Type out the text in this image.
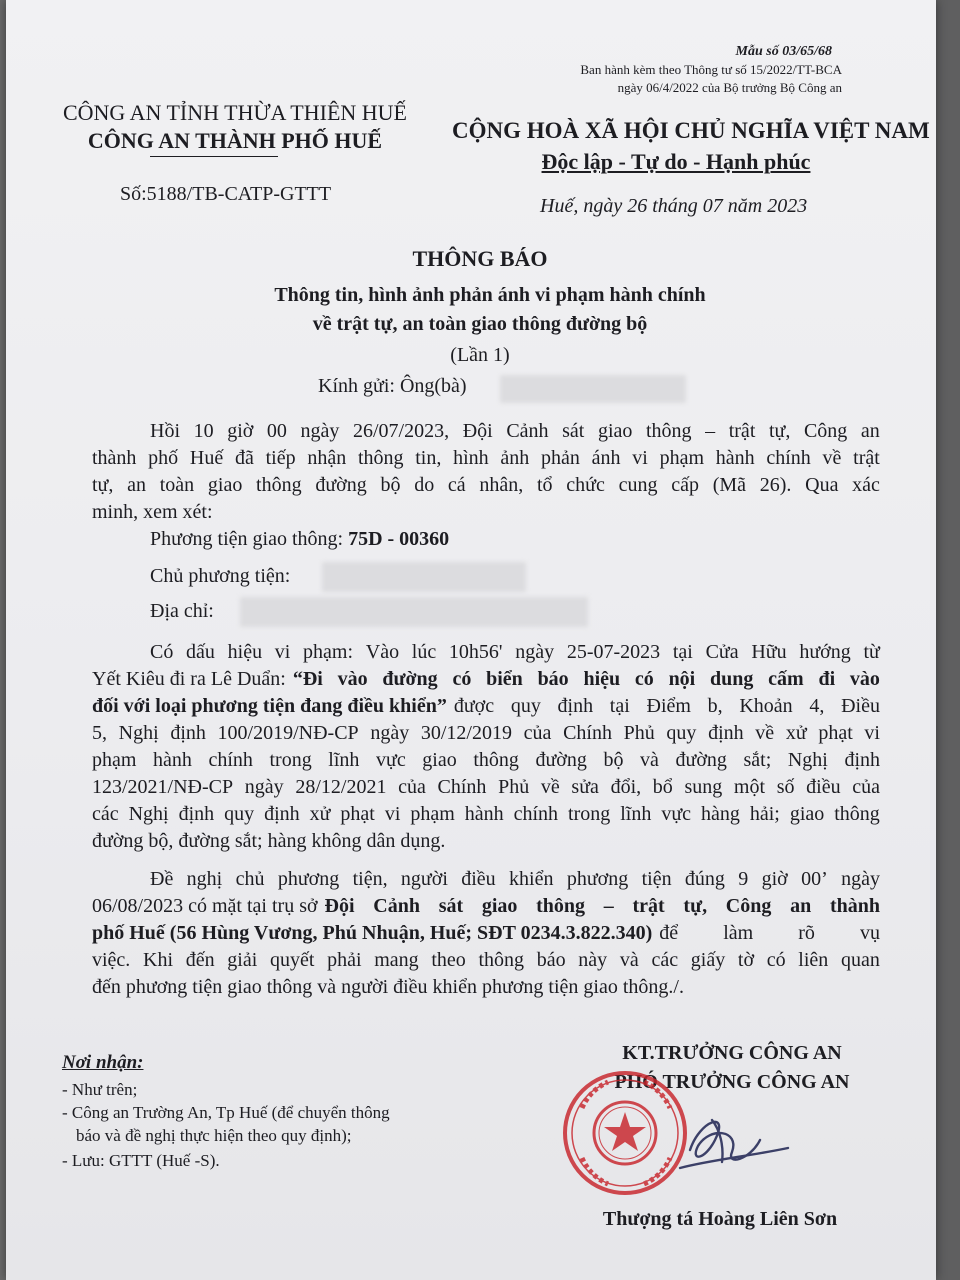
Mẫu số 03/65/68
Ban hành kèm theo Thông tư số 15/2022/TT-BCA
ngày 06/4/2022 của Bộ trưởng Bộ Công an
CÔNG AN TỈNH THỪA THIÊN HUẾ
CÔNG AN THÀNH PHỐ HUẾ
Số:5188/TB-CATP-GTTT
CỘNG HOÀ XÃ HỘI CHỦ NGHĨA VIỆT NAM
Độc lập - Tự do - Hạnh phúc
Huế, ngày 26 tháng 07 năm 2023
THÔNG BÁO
Thông tin, hình ảnh phản ánh vi phạm hành chính
về trật tự, an toàn giao thông đường bộ
(Lần 1)
Kính gửi: Ông(bà)
Hồi 10 giờ 00 ngày 26/07/2023, Đội Cảnh sát giao thông – trật tự, Công an
thành phố Huế đã tiếp nhận thông tin, hình ảnh phản ánh vi phạm hành chính về trật
tự, an toàn giao thông đường bộ do cá nhân, tổ chức cung cấp (Mã 26). Qua xác
minh, xem xét:
Phương tiện giao thông: 75D - 00360
Chủ phương tiện:
Địa chỉ:
Có dấu hiệu vi phạm: Vào lúc 10h56' ngày 25-07-2023 tại Cửa Hữu hướng từ
Yết Kiêu đi ra Lê Duẩn: “Đi vào đường có biển báo hiệu có nội dung cấm đi vào
đối với loại phương tiện đang điều khiển” được quy định tại Điểm b, Khoản 4, Điều
5, Nghị định 100/2019/NĐ-CP ngày 30/12/2019 của Chính Phủ quy định về xử phạt vi
phạm hành chính trong lĩnh vực giao thông đường bộ và đường sắt; Nghị định
123/2021/NĐ-CP ngày 28/12/2021 của Chính Phủ về sửa đổi, bổ sung một số điều của
các Nghị định quy định xử phạt vi phạm hành chính trong lĩnh vực hàng hải; giao thông
đường bộ, đường sắt; hàng không dân dụng.
Đề nghị chủ phương tiện, người điều khiển phương tiện đúng 9 giờ 00’ ngày
06/08/2023 có mặt tại trụ sở Đội Cảnh sát giao thông – trật tự, Công an thành
phố Huế (56 Hùng Vương, Phú Nhuận, Huế; SĐT 0234.3.822.340) để làm rõ vụ
việc. Khi đến giải quyết phải mang theo thông báo này và các giấy tờ có liên quan
đến phương tiện giao thông và người điều khiển phương tiện giao thông./.
Nơi nhận:
- Như trên;
- Công an Trường An, Tp Huế (để chuyển thông
báo và đề nghị thực hiện theo quy định);
- Lưu: GTTT (Huế -S).
KT.TRƯỞNG CÔNG AN
PHÓ TRƯỞNG CÔNG AN
Thượng tá Hoàng Liên Sơn
